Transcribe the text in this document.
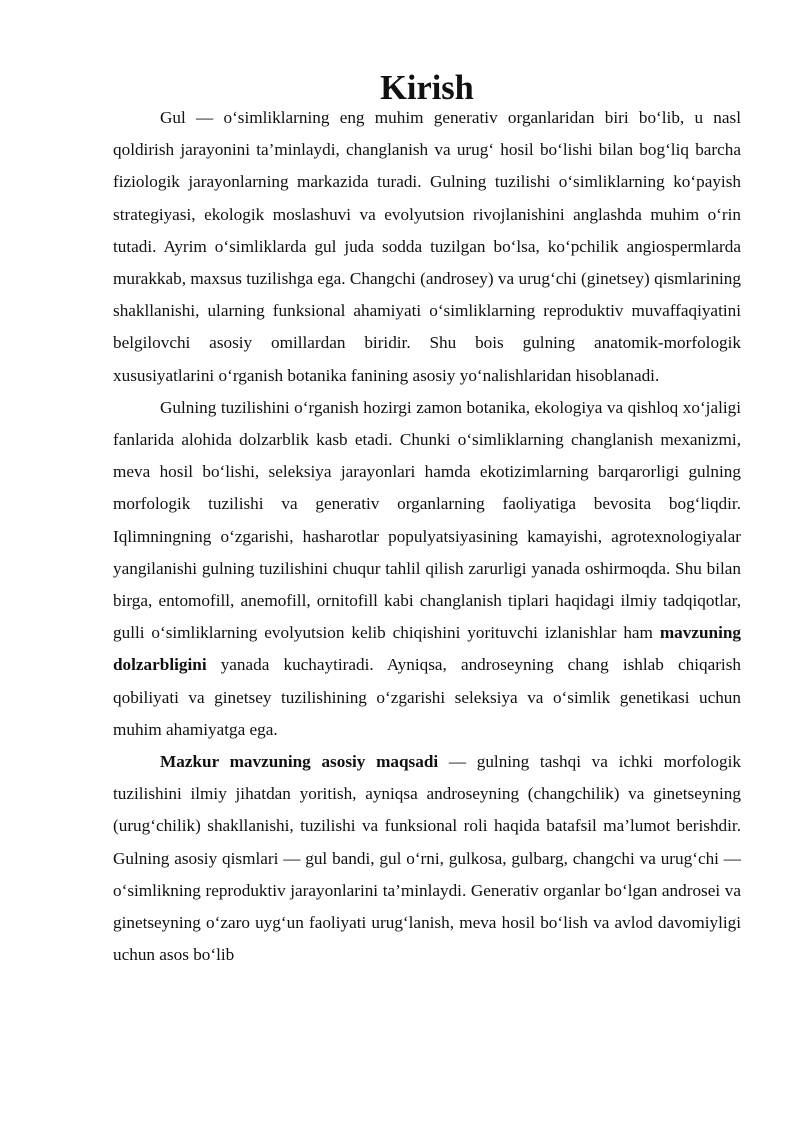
Kirish

Gul — o‘simliklarning eng muhim generativ organlaridan biri bo‘lib, u nasl qoldirish jarayonini ta’minlaydi, changlanish va urug‘ hosil bo‘lishi bilan bog‘liq barcha fiziologik jarayonlarning markazida turadi. Gulning tuzilishi o‘simliklarning ko‘payish strategiyasi, ekologik moslashuvi va evolyutsion rivojlanishini anglashda muhim o‘rin tutadi. Ayrim o‘simliklarda gul juda sodda tuzilgan bo‘lsa, ko‘pchilik angiospermlarda murakkab, maxsus tuzilishga ega. Changchi (androsey) va urug‘chi (ginetsey) qismlarining shakllanishi, ularning funksional ahamiyati o‘simliklarning reproduktiv muvaffaqiyatini belgilovchi asosiy omillardan biridir. Shu bois gulning anatomik-morfologik xususiyatlarini o‘rganish botanika fanining asosiy yo‘nalishlaridan hisoblanadi.

Gulning tuzilishini o‘rganish hozirgi zamon botanika, ekologiya va qishloq xo‘jaligi fanlarida alohida dolzarblik kasb etadi. Chunki o‘simliklarning changlanish mexanizmi, meva hosil bo‘lishi, seleksiya jarayonlari hamda ekotizimlarning barqarorligi gulning morfologik tuzilishi va generativ organlarning faoliyatiga bevosita bog‘liqdir. Iqlimningning o‘zgarishi, hasharotlar populyatsiyasining kamayishi, agrotexnologiyalar yangilanishi gulning tuzilishini chuqur tahlil qilish zarurligi yanada oshirmoqda. Shu bilan birga, entomofill, anemofill, ornitofill kabi changlanish tiplari haqidagi ilmiy tadqiqotlar, gulli o‘simliklarning evolyutsion kelib chiqishini yorituvchi izlanishlar ham mavzuning dolzarbligini yanada kuchaytiradi. Ayniqsa, androseyning chang ishlab chiqarish qobiliyati va ginetsey tuzilishining o‘zgarishi seleksiya va o‘simlik genetikasi uchun muhim ahamiyatga ega.

Mazkur mavzuning asosiy maqsadi — gulning tashqi va ichki morfologik tuzilishini ilmiy jihatdan yoritish, ayniqsa androseyning (changchilik) va ginetseyning (urug‘chilik) shakllanishi, tuzilishi va funksional roli haqida batafsil ma’lumot berishdir. Gulning asosiy qismlari — gul bandi, gul o‘rni, gulkosa, gulbarg, changchi va urug‘chi — o‘simlikning reproduktiv jarayonlarini ta’minlaydi. Generativ organlar bo‘lgan androsei va ginetseyning o‘zaro uyg‘un faoliyati urug‘lanish, meva hosil bo‘lish va avlod davomiyligi uchun asos bo‘lib
